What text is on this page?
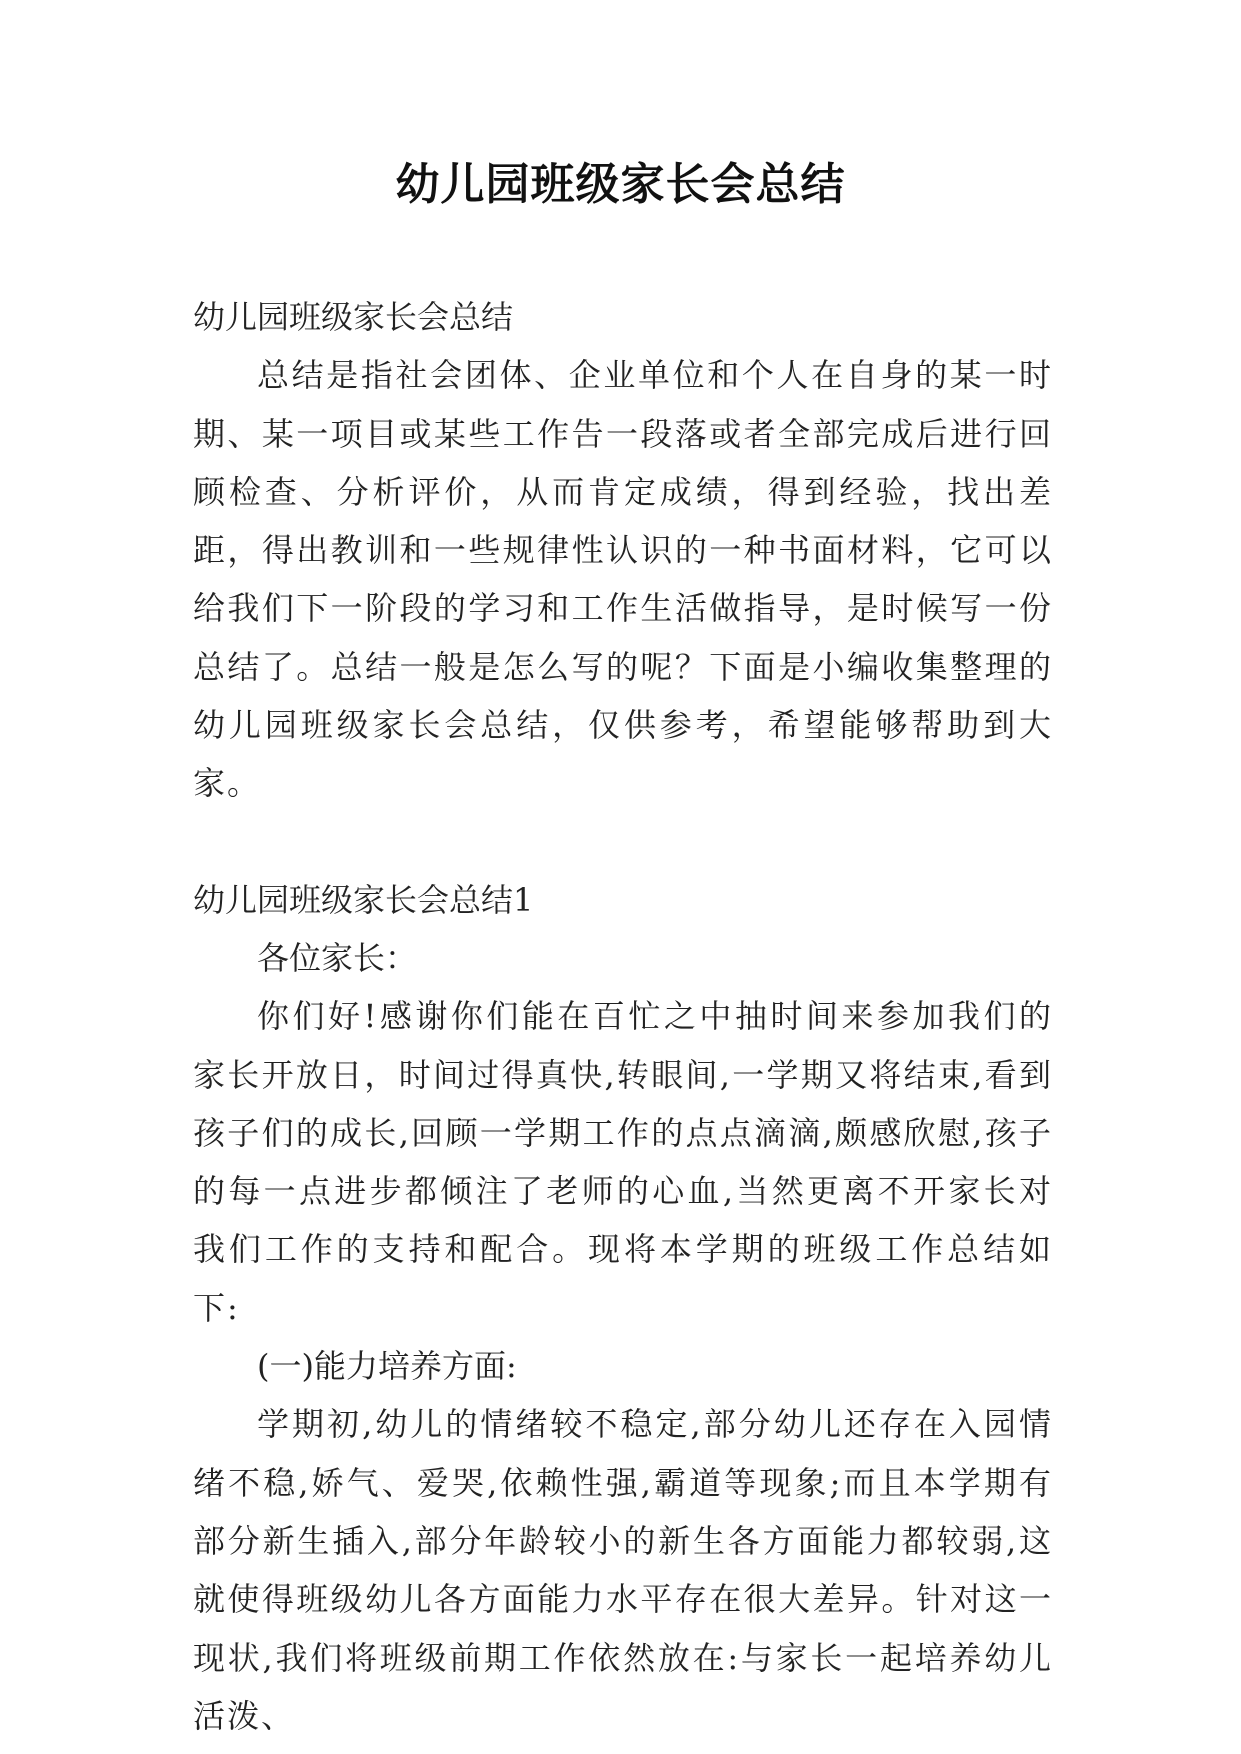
幼儿园班级家长会总结

幼儿园班级家长会总结

总结是指社会团体、企业单位和个人在自身的某一时期、某一项目或某些工作告一段落或者全部完成后进行回顾检查、分析评价，从而肯定成绩，得到经验，找出差距，得出教训和一些规律性认识的一种书面材料，它可以给我们下一阶段的学习和工作生活做指导，是时候写一份总结了。总结一般是怎么写的呢？下面是小编收集整理的幼儿园班级家长会总结，仅供参考，希望能够帮助到大家。

幼儿园班级家长会总结1

各位家长：

你们好!感谢你们能在百忙之中抽时间来参加我们的家长开放日，时间过得真快,转眼间,一学期又将结束,看到孩子们的成长,回顾一学期工作的点点滴滴,颇感欣慰,孩子的每一点进步都倾注了老师的心血,当然更离不开家长对我们工作的支持和配合。现将本学期的班级工作总结如下:

(一)能力培养方面:

学期初,幼儿的情绪较不稳定,部分幼儿还存在入园情绪不稳,娇气、爱哭,依赖性强,霸道等现象;而且本学期有部分新生插入,部分年龄较小的新生各方面能力都较弱,这就使得班级幼儿各方面能力水平存在很大差异。针对这一现状,我们将班级前期工作依然放在:与家长一起培养幼儿活泼、
